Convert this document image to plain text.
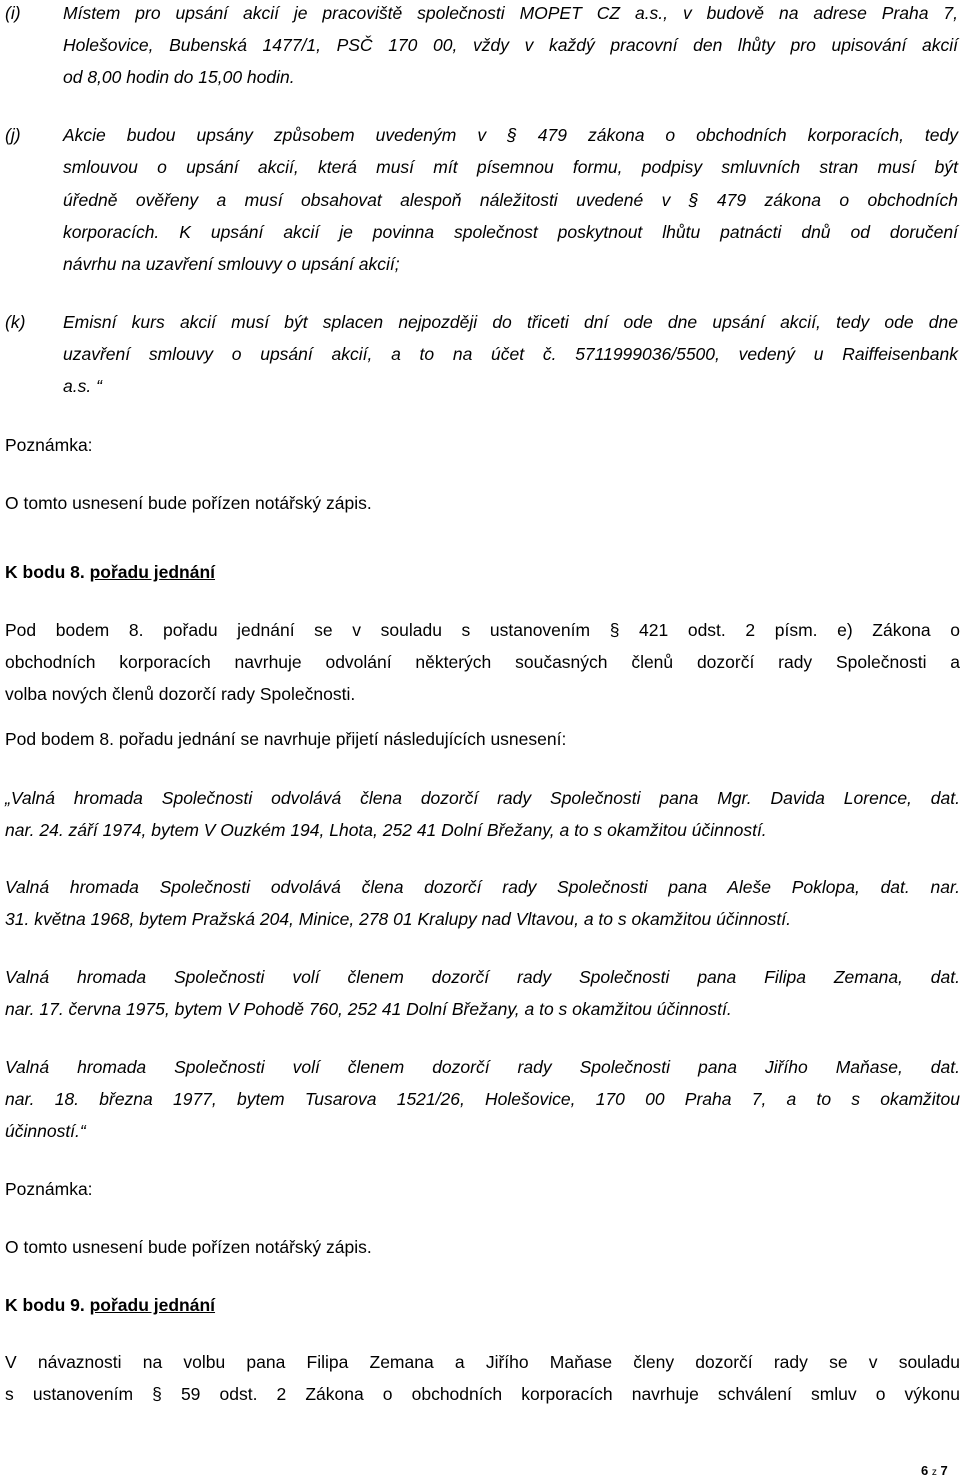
(i) Místem pro upsání akcií je pracoviště společnosti MOPET CZ a.s., v budově na adrese Praha 7,
Holešovice, Bubenská 1477/1, PSČ 170 00, vždy v každý pracovní den lhůty pro upisování akcií
od 8,00 hodin do 15,00 hodin.
(j) Akcie budou upsány způsobem uvedeným v § 479 zákona o obchodních korporacích, tedy
smlouvou o upsání akcií, která musí mít písemnou formu, podpisy smluvních stran musí být
úředně ověřeny a musí obsahovat alespoň náležitosti uvedené v § 479 zákona o obchodních
korporacích. K upsání akcií je povinna společnost poskytnout lhůtu patnácti dnů od doručení
návrhu na uzavření smlouvy o upsání akcií;
(k) Emisní kurs akcií musí být splacen nejpozději do třiceti dní ode dne upsání akcií, tedy ode dne
uzavření smlouvy o upsání akcií, a to na účet č. 5711999036/5500, vedený u Raiffeisenbank
a.s. “
Poznámka:
O tomto usnesení bude pořízen notářský zápis.
K bodu 8. pořadu jednání
Pod bodem 8. pořadu jednání se v souladu s ustanovením § 421 odst. 2 písm. e) Zákona o
obchodních korporacích navrhuje odvolání některých současných členů dozorčí rady Společnosti a
volba nových členů dozorčí rady Společnosti.
Pod bodem 8. pořadu jednání se navrhuje přijetí následujících usnesení:
„Valná hromada Společnosti odvolává člena dozorčí rady Společnosti pana Mgr. Davida Lorence, dat.
nar. 24. září 1974, bytem V Ouzkém 194, Lhota, 252 41 Dolní Břežany, a to s okamžitou účinností.
Valná hromada Společnosti odvolává člena dozorčí rady Společnosti pana Aleše Poklopa, dat. nar.
31. května 1968, bytem Pražská 204, Minice, 278 01 Kralupy nad Vltavou, a to s okamžitou účinností.
Valná hromada Společnosti volí členem dozorčí rady Společnosti pana Filipa Zemana, dat.
nar. 17. června 1975, bytem V Pohodě 760, 252 41 Dolní Břežany, a to s okamžitou účinností.
Valná hromada Společnosti volí členem dozorčí rady Společnosti pana Jiřího Maňase, dat.
nar. 18. března 1977, bytem Tusarova 1521/26, Holešovice, 170 00 Praha 7, a to s okamžitou
účinností.“
Poznámka:
O tomto usnesení bude pořízen notářský zápis.
K bodu 9. pořadu jednání
V návaznosti na volbu pana Filipa Zemana a Jiřího Maňase členy dozorčí rady se v souladu
s ustanovením § 59 odst. 2 Zákona o obchodních korporacích navrhuje schválení smluv o výkonu
6 z 7
